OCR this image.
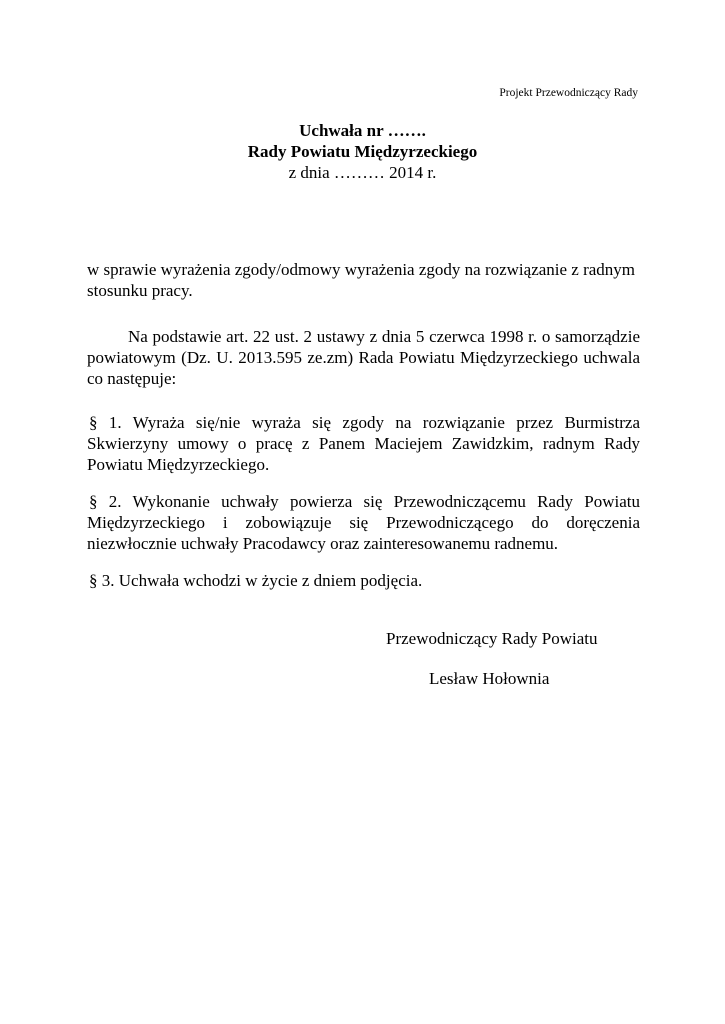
Projekt Przewodniczący Rady
Uchwała nr …….
Rady Powiatu Międzyrzeckiego
z dnia ……… 2014 r.
w sprawie wyrażenia zgody/odmowy wyrażenia zgody na rozwiązanie z radnym stosunku pracy.
Na podstawie art. 22 ust. 2 ustawy z dnia 5 czerwca 1998 r. o samorządzie powiatowym (Dz. U. 2013.595 ze.zm) Rada Powiatu Międzyrzeckiego uchwala co następuje:
§ 1. Wyraża się/nie wyraża się zgody na rozwiązanie przez Burmistrza Skwierzyny umowy o pracę z Panem Maciejem Zawidzkim, radnym Rady Powiatu Międzyrzeckiego.
§ 2. Wykonanie uchwały powierza się Przewodniczącemu Rady Powiatu Międzyrzeckiego i zobowiązuje się Przewodniczącego do doręczenia niezwłocznie uchwały Pracodawcy oraz zainteresowanemu radnemu.
§ 3. Uchwała wchodzi w życie z dniem podjęcia.
Przewodniczący Rady Powiatu
Lesław Hołownia
